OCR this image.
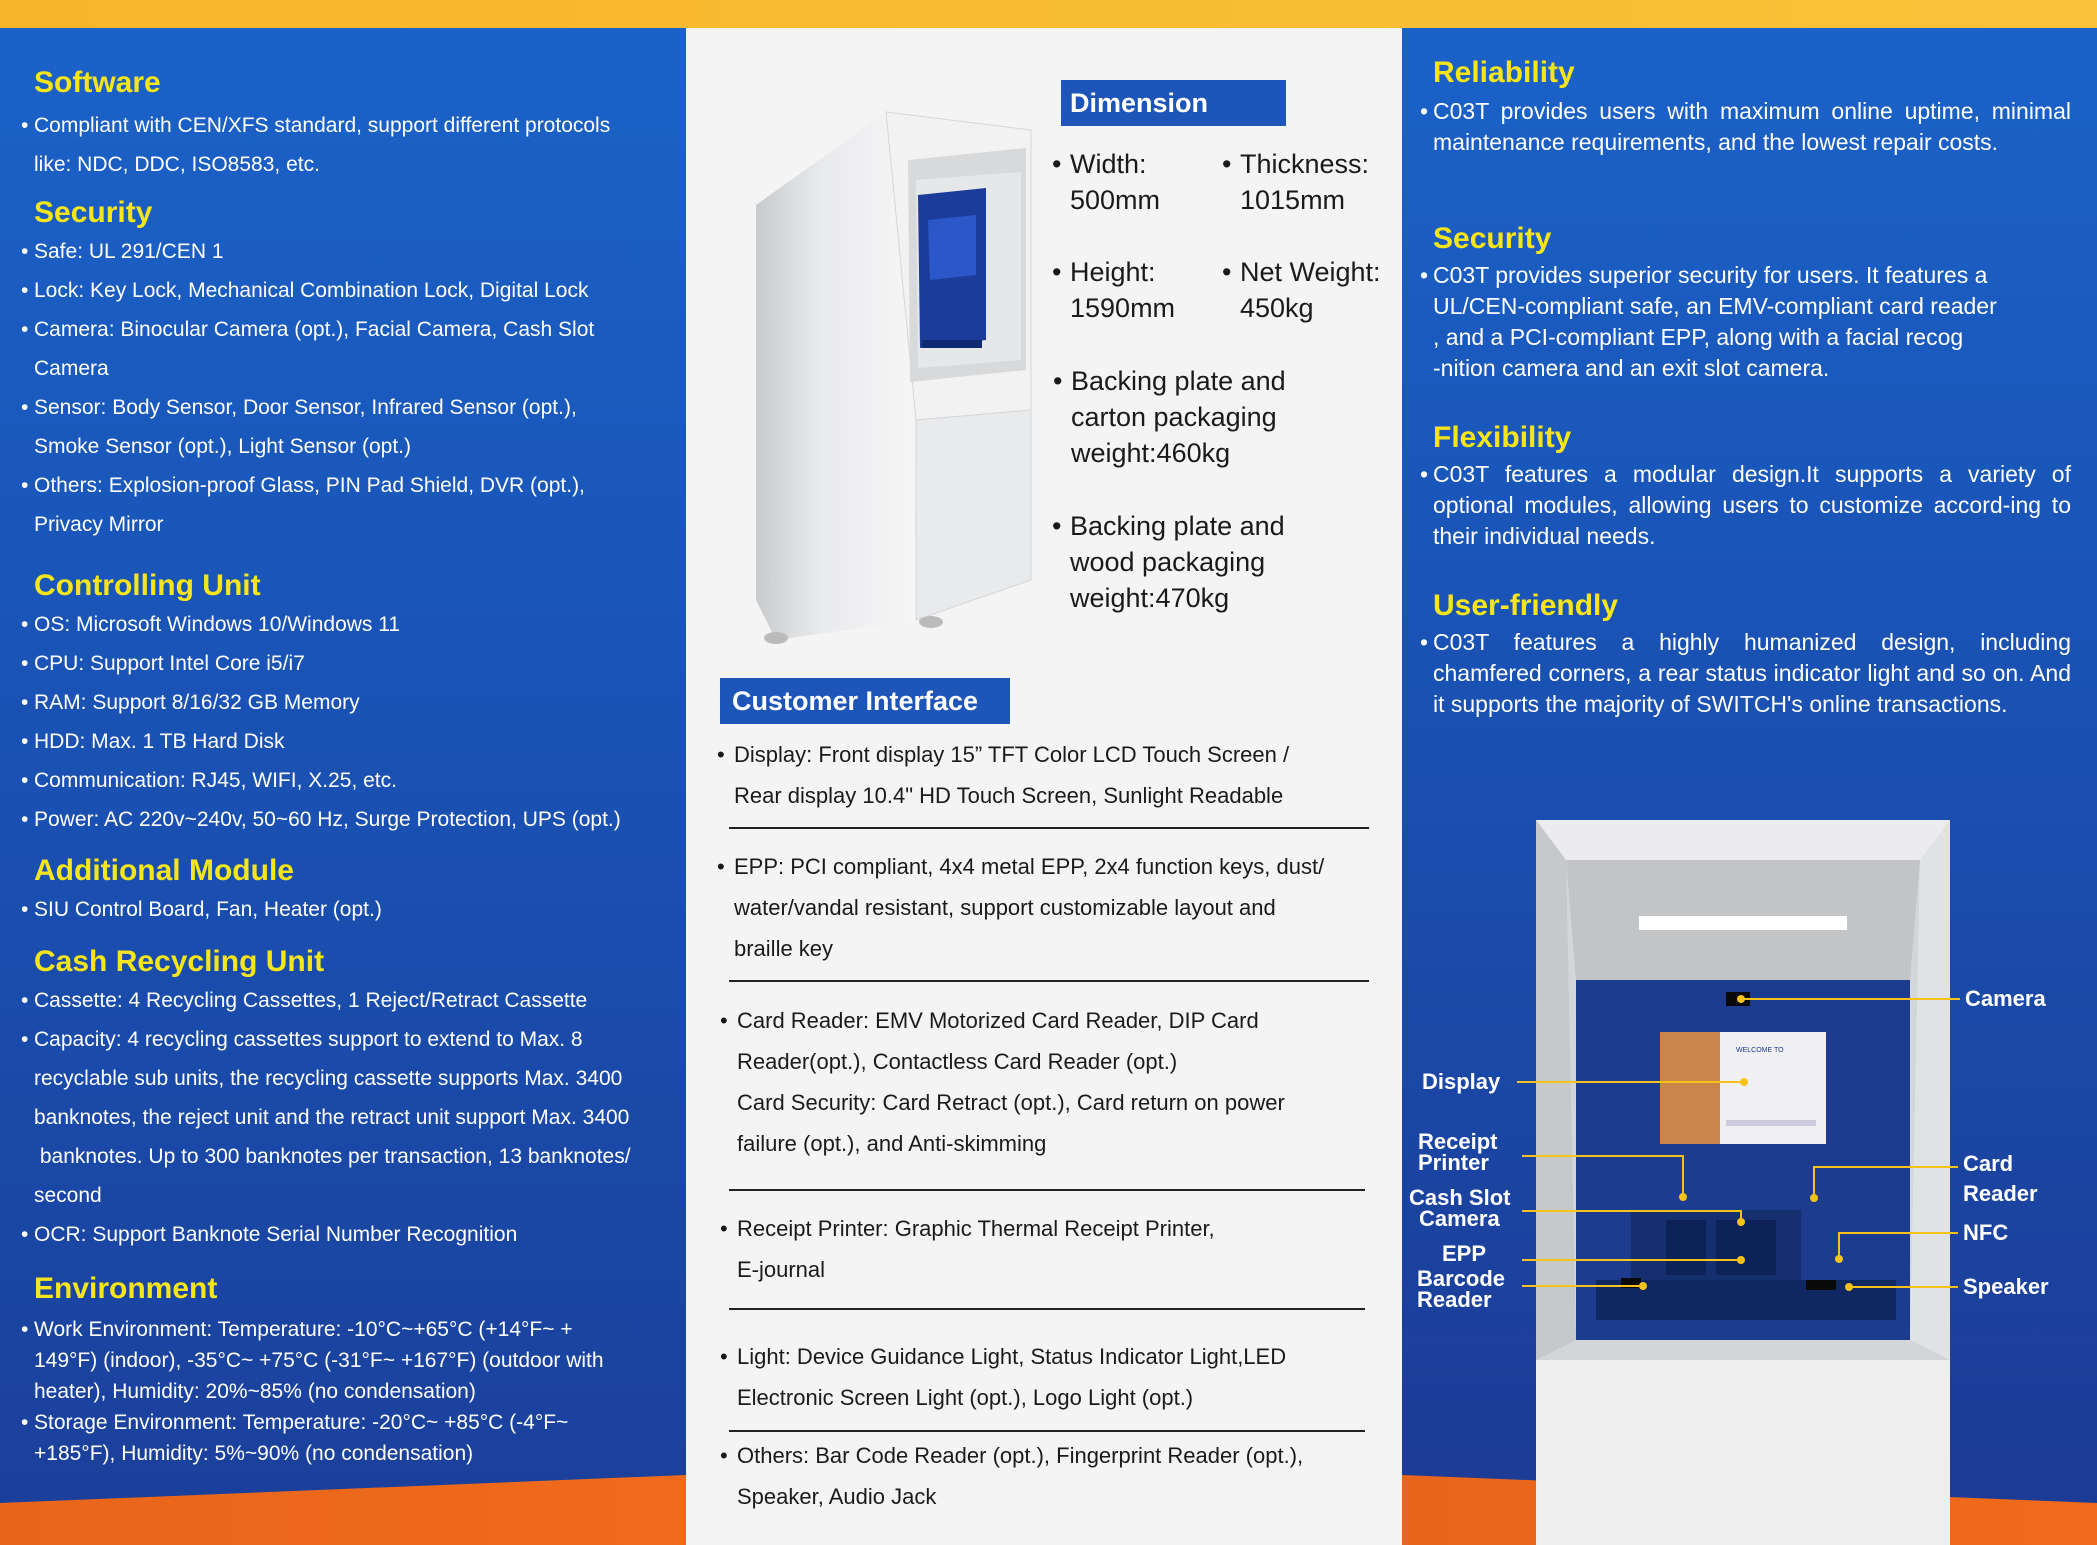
Software
• Compliant with CEN/XFS standard, support different protocols
like: NDC, DDC, ISO8583, etc.
Security
• Safe: UL 291/CEN 1
• Lock: Key Lock, Mechanical Combination Lock, Digital Lock
• Camera: Binocular Camera (opt.), Facial Camera, Cash Slot
Camera
• Sensor: Body Sensor, Door Sensor, Infrared Sensor (opt.),
Smoke Sensor (opt.), Light Sensor (opt.)
• Others: Explosion-proof Glass, PIN Pad Shield, DVR (opt.),
Privacy Mirror
Controlling Unit
• OS: Microsoft Windows 10/Windows 11
• CPU: Support Intel Core i5/i7
• RAM: Support 8/16/32 GB Memory
• HDD: Max. 1 TB Hard Disk
• Communication: RJ45, WIFI, X.25, etc.
• Power: AC 220v~240v, 50~60 Hz, Surge Protection, UPS (opt.)
Additional Module
• SIU Control Board, Fan, Heater (opt.)
Cash Recycling Unit
• Cassette: 4 Recycling Cassettes, 1 Reject/Retract Cassette
• Capacity: 4 recycling cassettes support to extend to Max. 8
recyclable sub units, the recycling cassette supports Max. 3400
banknotes, the reject unit and the retract unit support Max. 3400
banknotes. Up to 300 banknotes per transaction, 13 banknotes/
second
• OCR: Support Banknote Serial Number Recognition
Environment
• Work Environment: Temperature: -10°C~+65°C (+14°F~ +
149°F) (indoor), -35°C~ +75°C (-31°F~ +167°F) (outdoor with
heater), Humidity: 20%~85% (no condensation)
• Storage Environment: Temperature: -20°C~ +85°C (-4°F~
+185°F), Humidity: 5%~90% (no condensation)
Dimension
• Width:
500mm
• Thickness:
1015mm
• Height:
1590mm
• Net Weight:
450kg
• Backing plate and
carton packaging
weight:460kg
• Backing plate and
wood packaging
weight:470kg
Customer Interface
• Display: Front display 15” TFT Color LCD Touch Screen /
Rear display 10.4" HD Touch Screen, Sunlight Readable
• EPP: PCI compliant, 4x4 metal EPP, 2x4 function keys, dust/
water/vandal resistant, support customizable layout and
braille key
• Card Reader: EMV Motorized Card Reader, DIP Card
Reader(opt.), Contactless Card Reader (opt.)
Card Security: Card Retract (opt.), Card return on power
failure (opt.), and Anti-skimming
• Receipt Printer: Graphic Thermal Receipt Printer,
E-journal
• Light: Device Guidance Light, Status Indicator Light,LED
Electronic Screen Light (opt.), Logo Light (opt.)
• Others: Bar Code Reader (opt.), Fingerprint Reader (opt.),
Speaker, Audio Jack
Reliability
• C03T provides users with maximum online uptime, minimal maintenance requirements, and the lowest repair costs.
Security
• C03T provides superior security for users. It features a
UL/CEN-compliant safe, an EMV-compliant card reader
, and a PCI-compliant EPP, along with a facial recog
-nition camera and an exit slot camera.
Flexibility
• C03T features a modular design.It supports a variety of optional modules, allowing users to customize accord-ing to their individual needs.
User-friendly
• C03T features a highly humanized design, including chamfered corners, a rear status indicator light and so on. And it supports the majority of SWITCH's online transactions.
WELCOME TO
Camera
Display
Receipt
Printer	Card
Reader
Cash Slot
Camera
NFC
EPP
Barcode
Reader
Speaker
